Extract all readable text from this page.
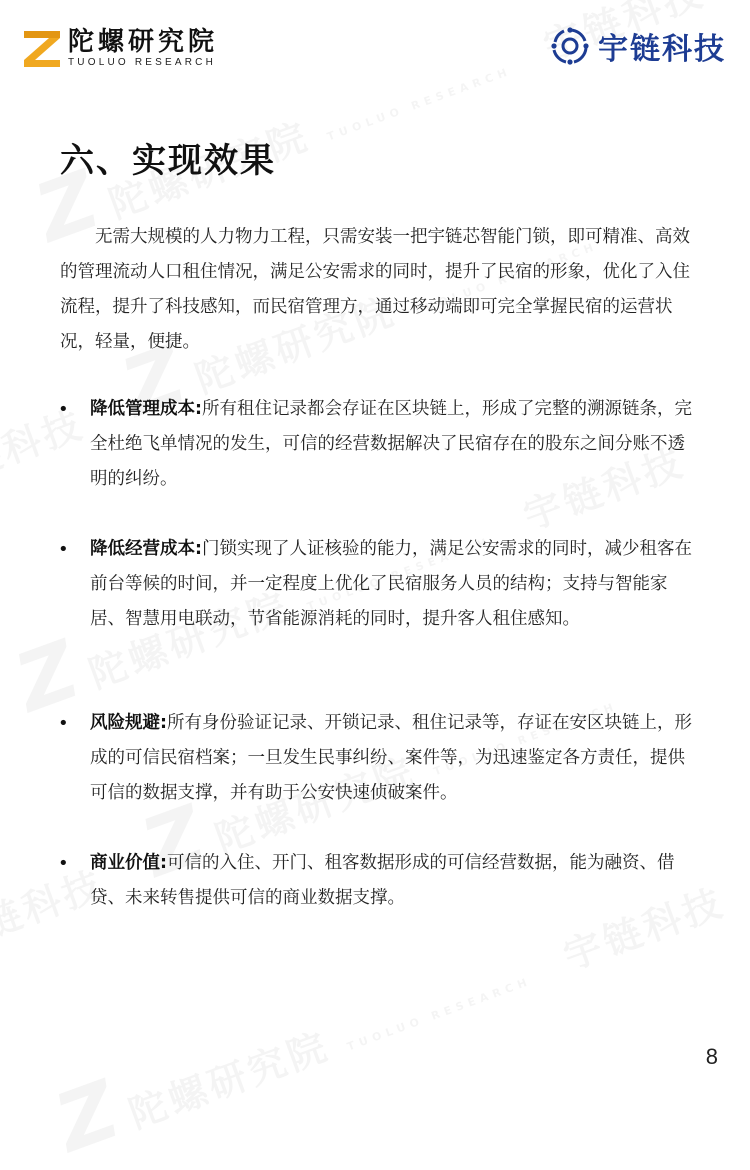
陀螺研究院
TUOLUO RESEARCH	宇链科技
六、实现效果

无需大规模的人力物力工程，只需安装一把宇链芯智能门锁，即可精准、高效的管理流动人口租住情况，满足公安需求的同时，提升了民宿的形象，优化了入住流程，提升了科技感知，而民宿管理方，通过移动端即可完全掌握民宿的运营状况，轻量，便捷。

• 降低管理成本:所有租住记录都会存证在区块链上，形成了完整的溯源链条，完全杜绝飞单情况的发生，可信的经营数据解决了民宿存在的股东之间分账不透明的纠纷。

• 降低经营成本:门锁实现了人证核验的能力，满足公安需求的同时，减少租客在前台等候的时间，并一定程度上优化了民宿服务人员的结构；支持与智能家居、智慧用电联动，节省能源消耗的同时，提升客人租住感知。

• 风险规避:所有身份验证记录、开锁记录、租住记录等，存证在安区块链上，形成的可信民宿档案；一旦发生民事纠纷、案件等，为迅速鉴定各方责任，提供可信的数据支撑，并有助于公安快速侦破案件。

• 商业价值:可信的入住、开门、租客数据形成的可信经营数据，能为融资、借贷、未来转售提供可信的商业数据支撑。

8
